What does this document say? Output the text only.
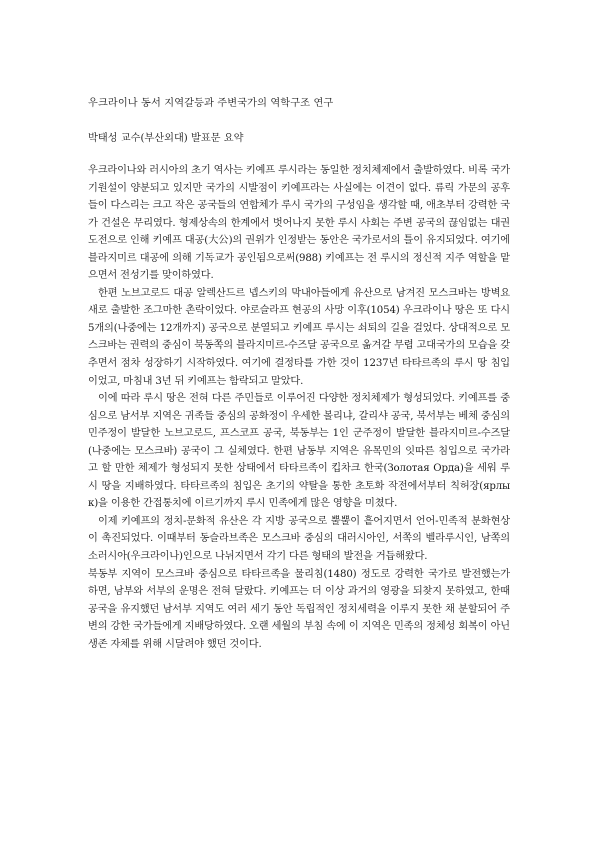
우크라이나 동서 지역갈등과 주변국가의 역학구조 연구
박태성 교수(부산외대) 발표문 요약

우크라이나와 러시아의 초기 역사는 키예프 루시라는 동일한 정치체제에서 출발하였다. 비록 국가 기원설이 양분되고 있지만 국가의 시발점이 키예프라는 사실에는 이견이 없다. 류릭 가문의 공후들이 다스리는 크고 작은 공국들의 연합체가 루시 국가의 구성임을 생각할 때, 애초부터 강력한 국가 건설은 무리였다. 형제상속의 한계에서 벗어나지 못한 루시 사회는 주변 공국의 끊임없는 대권 도전으로 인해 키예프 대공(大公)의 권위가 인정받는 동안은 국가로서의 틀이 유지되었다. 여기에 블라지미르 대공에 의해 기독교가 공인됨으로써(988) 키예프는 전 루시의 정신적 지주 역할을 맡으면서 전성기를 맞이하였다.

한편 노브고로드 대공 알렉산드르 넵스키의 막내아들에게 유산으로 남겨진 모스크바는 방벽요새로 출발한 조그마한 촌락이었다. 야로슬라프 현공의 사망 이후(1054) 우크라이나 땅은 또 다시 5개의(나중에는 12개까지) 공국으로 분열되고 키예프 루시는 쇠퇴의 길을 걸었다. 상대적으로 모스크바는 권력의 중심이 북동쪽의 블라지미르-수즈달 공국으로 옮겨갈 무렵 고대국가의 모습을 갖추면서 점차 성장하기 시작하였다. 여기에 결정타를 가한 것이 1237년 타타르족의 루시 땅 침입이었고, 마침내 3년 뒤 키예프는 함락되고 말았다.

이에 따라 루시 땅은 전혀 다른 주민들로 이루어진 다양한 정치체제가 형성되었다. 키예프를 중심으로 남서부 지역은 귀족들 중심의 공화정이 우세한 볼리냐, 갈리샤 공국, 북서부는 베체 중심의 민주정이 발달한 노브고로드, 프스코프 공국, 북동부는 1인 군주정이 발달한 블라지미르-수즈달(나중에는 모스크바) 공국이 그 실체였다. 한편 남동부 지역은 유목민의 잇따른 침입으로 국가라고 할 만한 체제가 형성되지 못한 상태에서 타타르족이 킵차크 한국(Золотая Орда)을 세워 루시 땅을 지배하였다. 타타르족의 침입은 초기의 약탈을 통한 초토화 작전에서부터 칙허장(ярлык)을 이용한 간접통치에 이르기까지 루시 민족에게 많은 영향을 미쳤다.

이제 키예프의 정치-문화적 유산은 각 지방 공국으로 뿔뿔이 흩어지면서 언어-민족적 분화현상이 촉진되었다. 이때부터 동슬라브족은 모스크바 중심의 대러시아인, 서쪽의 벨라루시인, 남쪽의 소러시아(우크라이나)인으로 나뉘지면서 각기 다른 형태의 발전을 거듭해왔다.

북동부 지역이 모스크바 중심으로 타타르족을 물리침(1480) 정도로 강력한 국가로 발전했는가 하면, 남부와 서부의 운명은 전혀 달랐다. 키예프는 더 이상 과거의 영광을 되찾지 못하였고, 한때 공국을 유지했던 남서부 지역도 여러 세기 동안 독립적인 정치세력을 이루지 못한 채 분할되어 주변의 강한 국가들에게 지배당하였다. 오랜 세월의 부침 속에 이 지역은 민족의 정체성 회복이 아닌 생존 자체를 위해 시달려야 했던 것이다.
